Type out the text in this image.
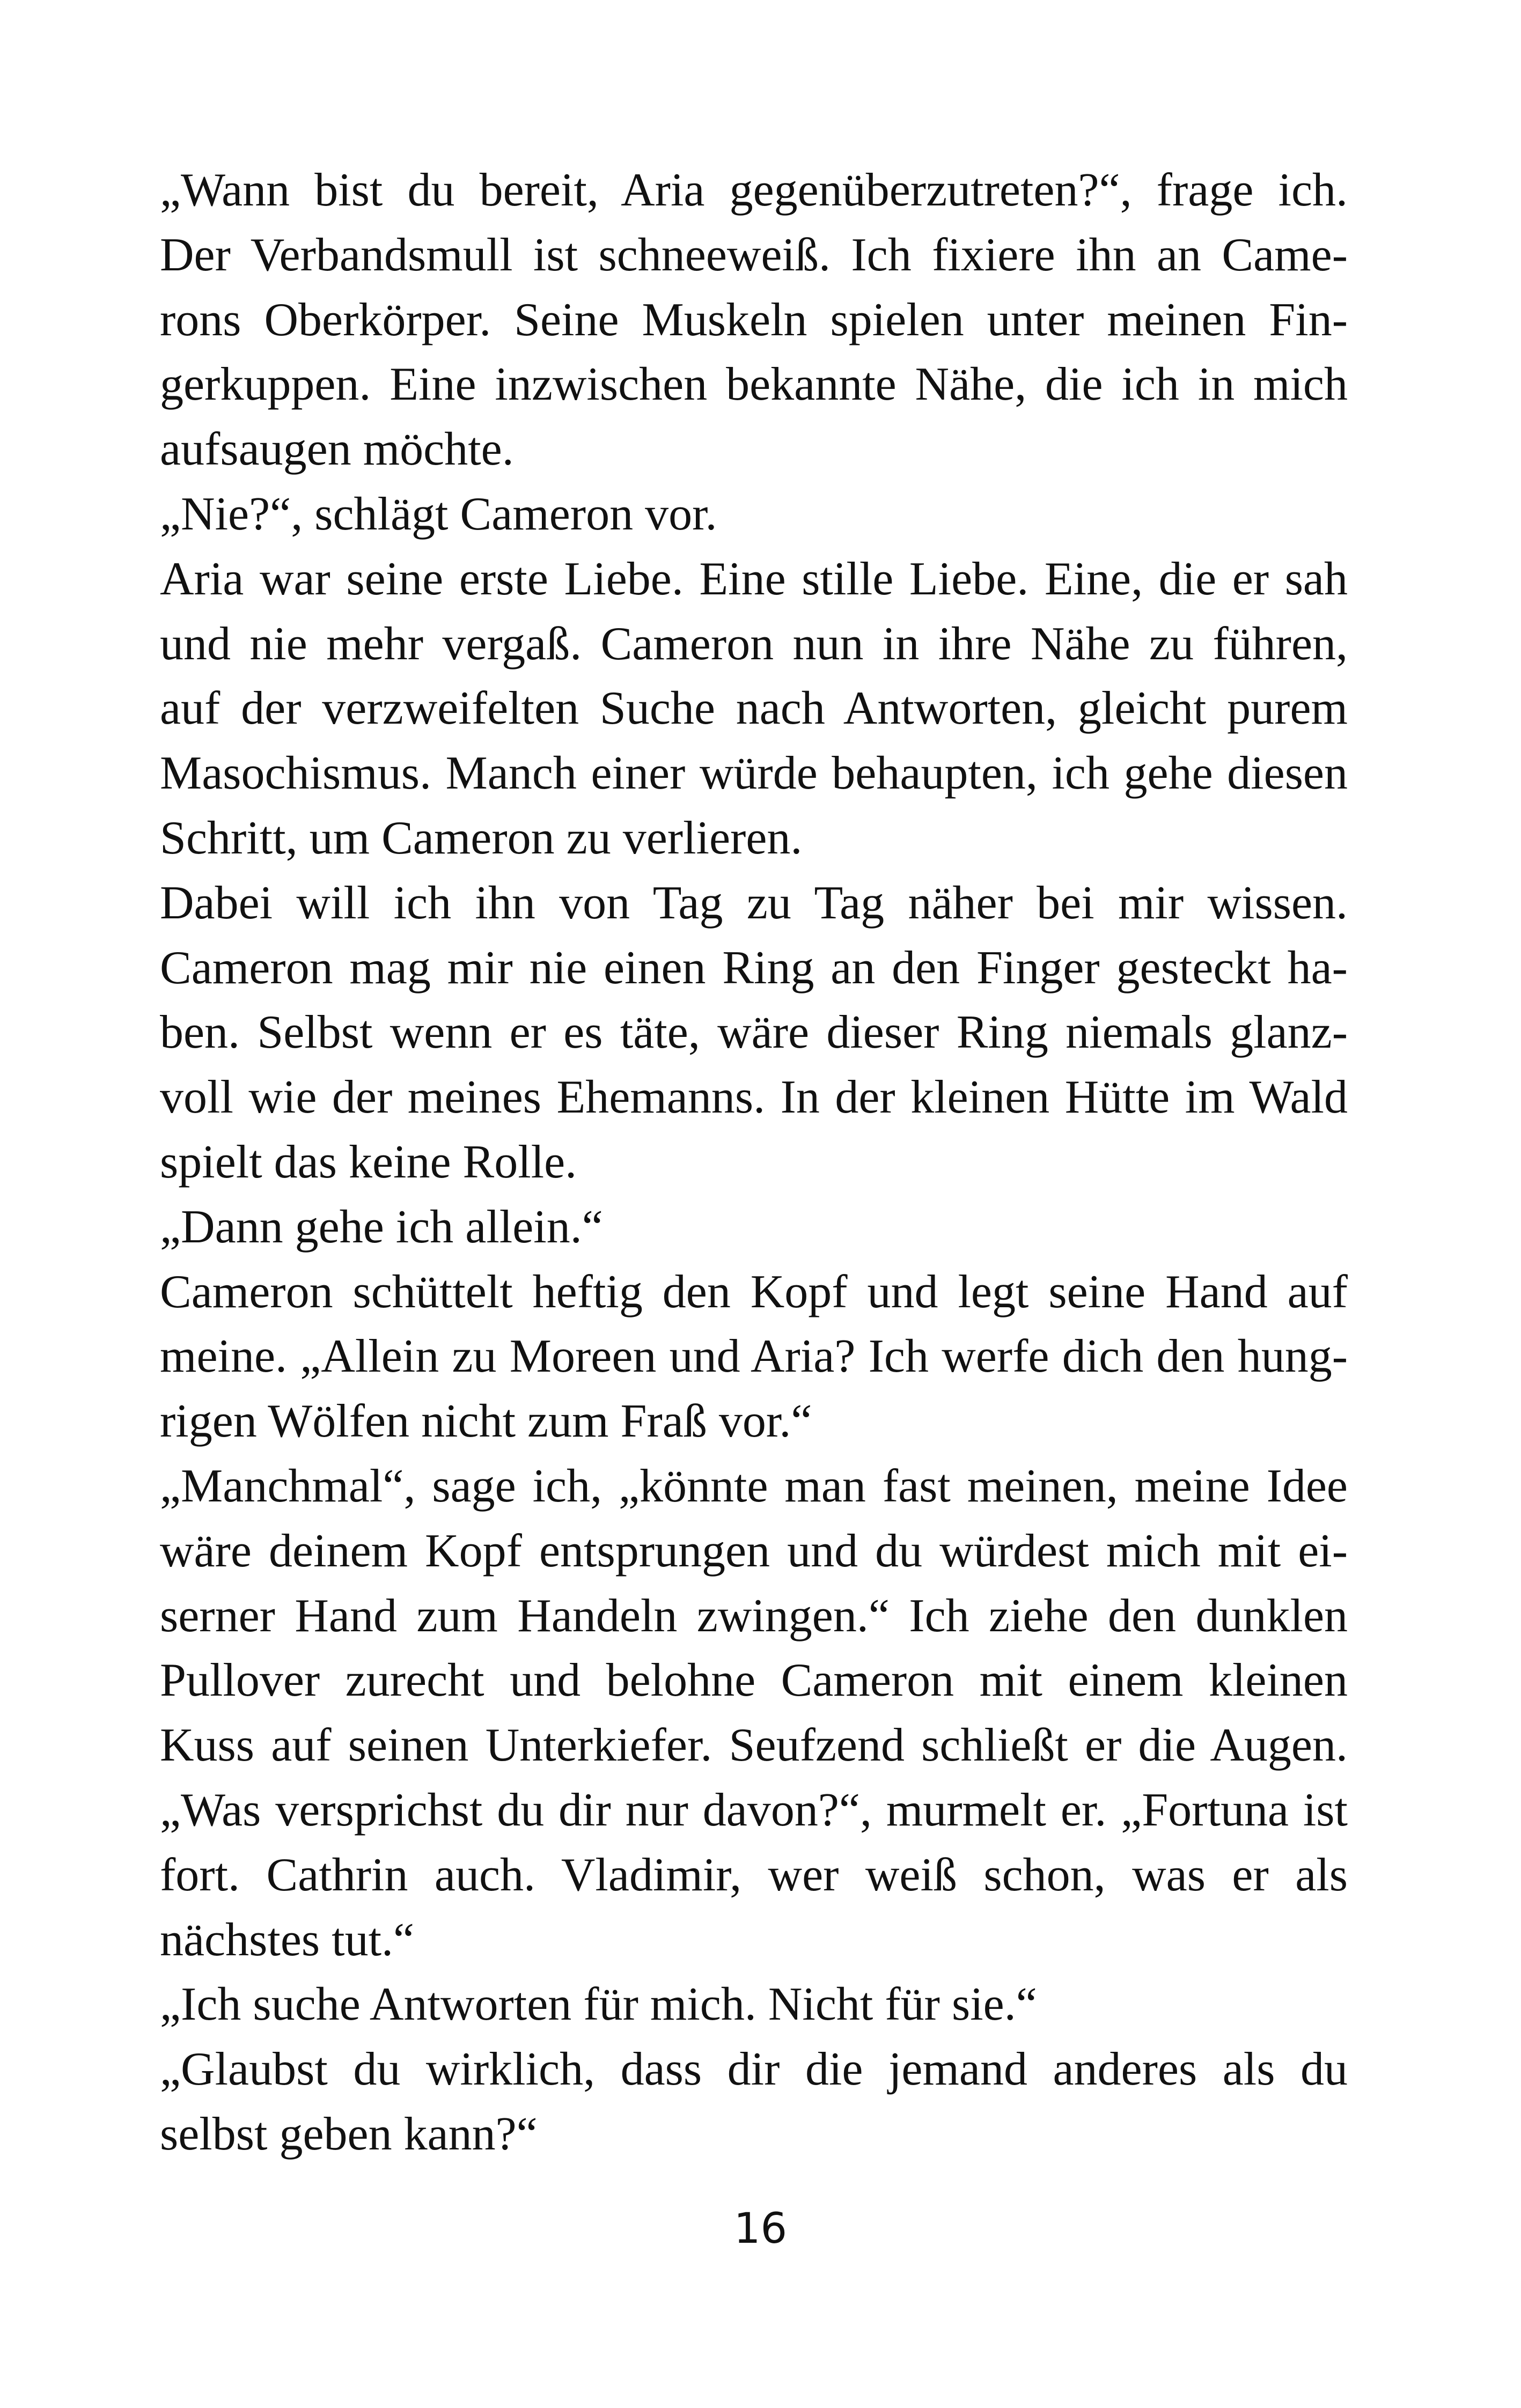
„Wann bist du bereit, Aria gegenüberzutreten?“, frage ich.
Der Verbandsmull ist schneeweiß. Ich fixiere ihn an Came-
rons Oberkörper. Seine Muskeln spielen unter meinen Fin-
gerkuppen. Eine inzwischen bekannte Nähe, die ich in mich
aufsaugen möchte.
„Nie?“, schlägt Cameron vor.
Aria war seine erste Liebe. Eine stille Liebe. Eine, die er sah
und nie mehr vergaß. Cameron nun in ihre Nähe zu führen,
auf der verzweifelten Suche nach Antworten, gleicht purem
Masochismus. Manch einer würde behaupten, ich gehe diesen
Schritt, um Cameron zu verlieren.
Dabei will ich ihn von Tag zu Tag näher bei mir wissen.
Cameron mag mir nie einen Ring an den Finger gesteckt ha-
ben. Selbst wenn er es täte, wäre dieser Ring niemals glanz-
voll wie der meines Ehemanns. In der kleinen Hütte im Wald
spielt das keine Rolle.
„Dann gehe ich allein.“
Cameron schüttelt heftig den Kopf und legt seine Hand auf
meine. „Allein zu Moreen und Aria? Ich werfe dich den hung-
rigen Wölfen nicht zum Fraß vor.“
„Manchmal“, sage ich, „könnte man fast meinen, meine Idee
wäre deinem Kopf entsprungen und du würdest mich mit ei-
serner Hand zum Handeln zwingen.“ Ich ziehe den dunklen
Pullover zurecht und belohne Cameron mit einem kleinen
Kuss auf seinen Unterkiefer. Seufzend schließt er die Augen.
„Was versprichst du dir nur davon?“, murmelt er. „Fortuna ist
fort. Cathrin auch. Vladimir, wer weiß schon, was er als
nächstes tut.“
„Ich suche Antworten für mich. Nicht für sie.“
„Glaubst du wirklich, dass dir die jemand anderes als du
selbst geben kann?“
16
